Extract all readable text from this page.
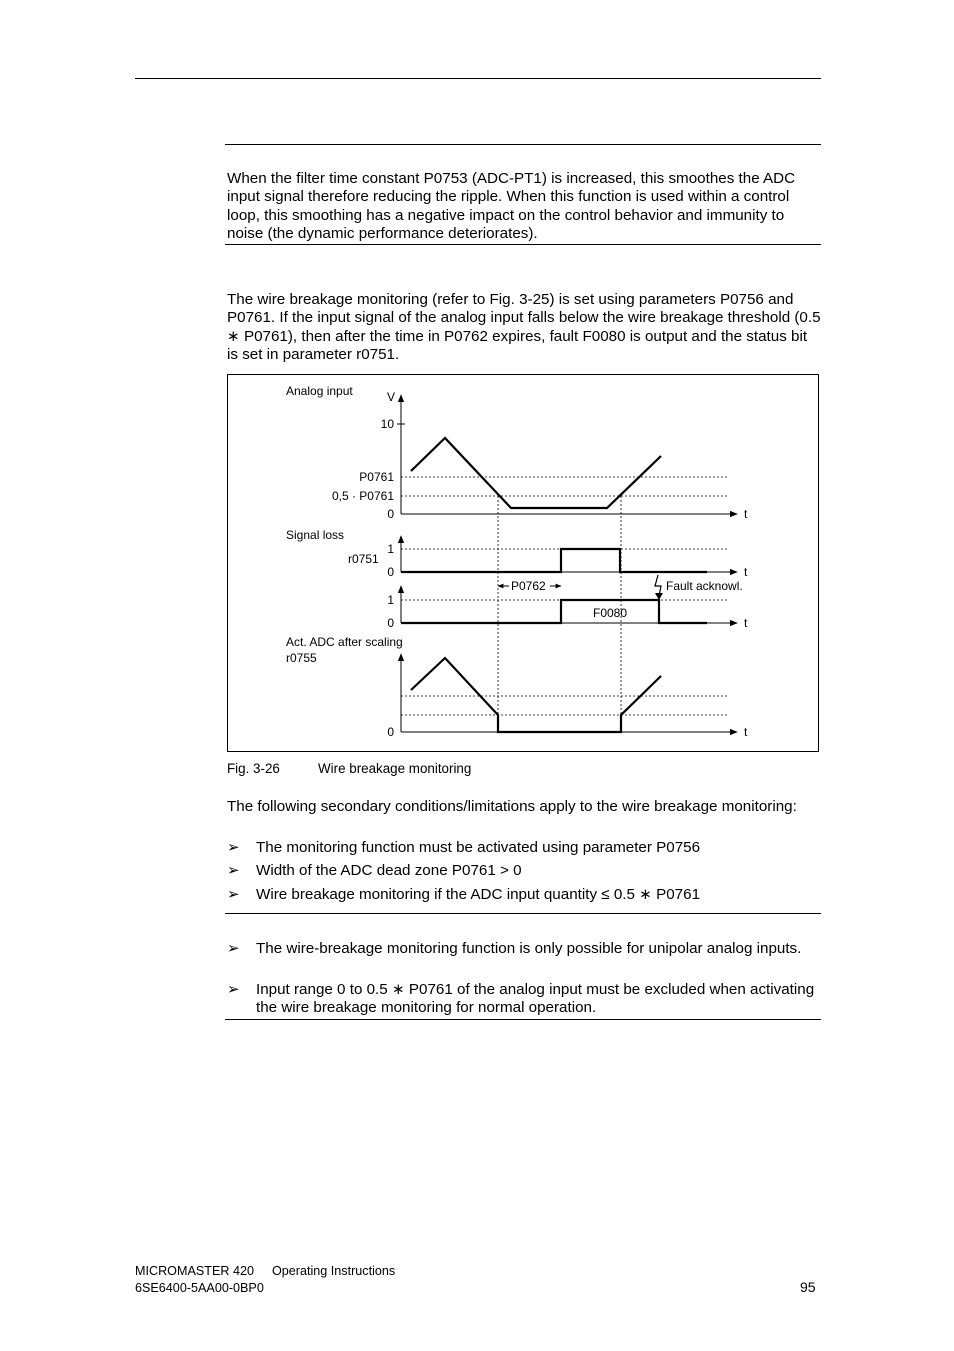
When the filter time constant P0753 (ADC-PT1) is increased, this smoothes the ADC input signal therefore reducing the ripple. When this function is used within a control loop, this smoothing has a negative impact on the control behavior and immunity to noise (the dynamic performance deteriorates).

The wire breakage monitoring (refer to Fig. 3-25) is set using parameters P0756 and P0761. If the input signal of the analog input falls below the wire breakage threshold (0.5 ∗ P0761), then after the time in P0762 expires, fault F0080 is output and the status bit is set in parameter r0751.

Analog input	V
10
P0761
0,5 · P0761
0	t
Signal loss
r0751
1
0	t
P0762	Fault acknowl.
1
0	t
F0080
Act. ADC after scaling
r0755
0	t
Fig. 3-26	Wire breakage monitoring

The following secondary conditions/limitations apply to the wire breakage monitoring:

➢	The monitoring function must be activated using parameter P0756
➢	Width of the ADC dead zone P0761 > 0
➢	Wire breakage monitoring if the ADC input quantity ≤ 0.5 ∗ P0761
➢	The wire-breakage monitoring function is only possible for unipolar analog inputs.
➢	Input range 0 to 0.5 ∗ P0761 of the analog input must be excluded when activating the wire breakage monitoring for normal operation.
MICROMASTER 420 Operating Instructions
6SE6400-5AA00-0BP0	95
